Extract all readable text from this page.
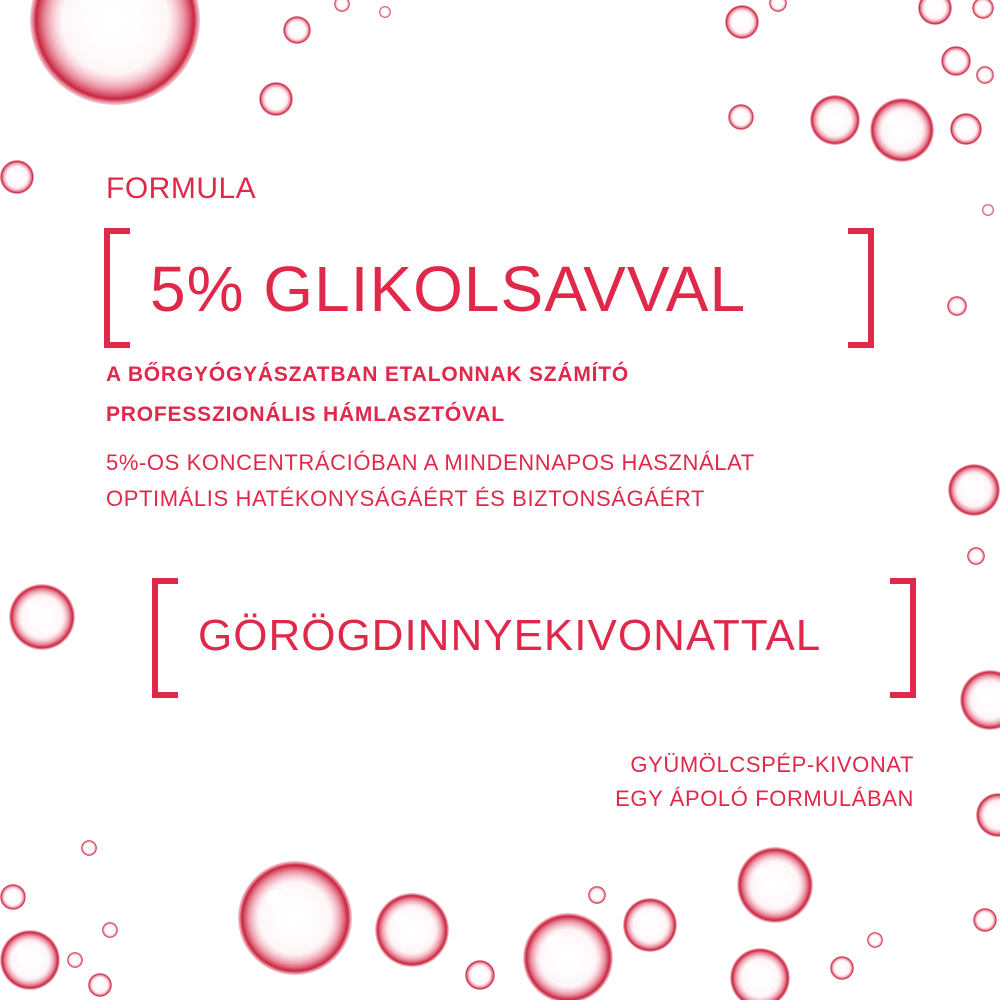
FORMULA
5% GLIKOLSAVVAL
A BŐRGYÓGYÁSZATBAN ETALONNAK SZÁMÍTÓ
PROFESSZIONÁLIS HÁMLASZTÓVAL
5%-OS KONCENTRÁCIÓBAN A MINDENNAPOS HASZNÁLAT
OPTIMÁLIS HATÉKONYSÁGÁÉRT ÉS BIZTONSÁGÁÉRT
GÖRÖGDINNYEKIVONATTAL
GYÜMÖLCSPÉP-KIVONAT
EGY ÁPOLÓ FORMULÁBAN
